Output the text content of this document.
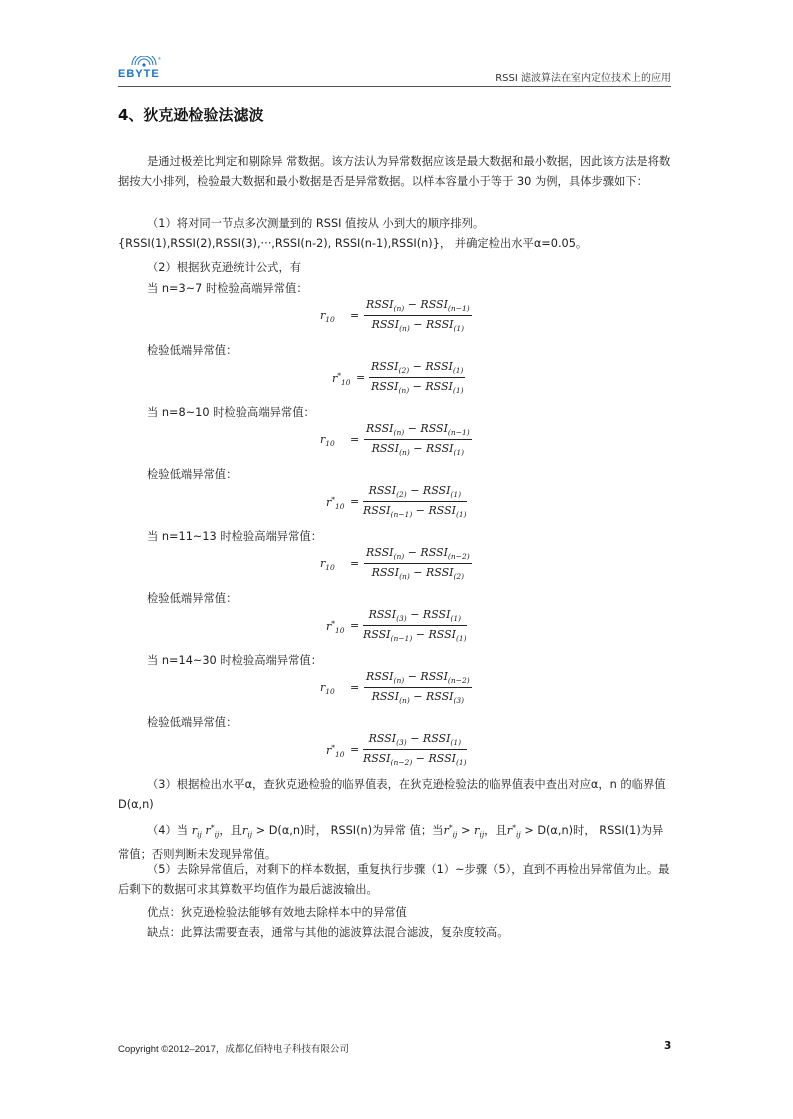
®
EBYTE	RSSI 滤波算法在室内定位技术上的应用
4、狄克逊检验法滤波

是通过极差比判定和剔除异 常数据。该方法认为异常数据应该是最大数据和最小数据，因此该方法是将数据按大小排列，检验最大数据和最小数据是否是异常数据。以样本容量小于等于 30 为例，具体步骤如下：

（1）将对同一节点多次测量到的 RSSI 值按从 小到大的顺序排列。{RSSI(1),RSSI(2),RSSI(3),···,RSSI(n-2), RSSI(n-1),RSSI(n)}， 并确定检出水平α=0.05。

（2）根据狄克逊统计公式，有
当 n=3~7 时检验高端异常值：
$r_{10}$ =
$RSSI_{(n)}$ − $RSSI_{(n-1)}$
$RSSI_{(n)}$ − $RSSI_{(1)}$
检验低端异常值：
$r^*_{10}$ =
$RSSI_{(2)}$ − $RSSI_{(1)}$
$RSSI_{(n)}$ − $RSSI_{(1)}$
当 n=8~10 时检验高端异常值：
$r_{10}$ =
$RSSI_{(n)}$ − $RSSI_{(n-1)}$
$RSSI_{(n)}$ − $RSSI_{(1)}$
检验低端异常值：
$r^*_{10}$ =
$RSSI_{(2)}$ − $RSSI_{(1)}$
$RSSI_{(n-1)}$ − $RSSI_{(1)}$
当 n=11~13 时检验高端异常值：
$r_{10}$ =
$RSSI_{(n)}$ − $RSSI_{(n-2)}$
$RSSI_{(n)}$ − $RSSI_{(2)}$
检验低端异常值：
$r^*_{10}$ =
$RSSI_{(3)}$ − $RSSI_{(1)}$
$RSSI_{(n-1)}$ − $RSSI_{(1)}$
当 n=14~30 时检验高端异常值：
$r_{10}$ =
$RSSI_{(n)}$ − $RSSI_{(n-2)}$
$RSSI_{(n)}$ − $RSSI_{(3)}$
检验低端异常值：
$r^*_{10}$ =
$RSSI_{(3)}$ − $RSSI_{(1)}$
$RSSI_{(n-2)}$ − $RSSI_{(1)}$

（3）根据检出水平α，查狄克逊检验的临界值表，在狄克逊检验法的临界值表中查出对应α，n 的临界值 D(α,n)

（4）当 $r_{ij}$ $r^*_{ij}$，且$r_{ij} > D(\alpha,n)$时， RSSI(n)为异常 值；当$r^*_{ij} > r_{ij}$，且$r^*_{ij} > D(\alpha,n)$时， RSSI(1)为异常值；否则判断未发现异常值。

（5）去除异常值后，对剩下的样本数据，重复执行步骤（1）~步骤（5），直到不再检出异常值为止。最后剩下的数据可求其算数平均值作为最后滤波输出。

优点：狄克逊检验法能够有效地去除样本中的异常值
缺点：此算法需要查表，通常与其他的滤波算法混合滤波，复杂度较高。
Copyright ©2012–2017，成都亿佰特电子科技有限公司	3
